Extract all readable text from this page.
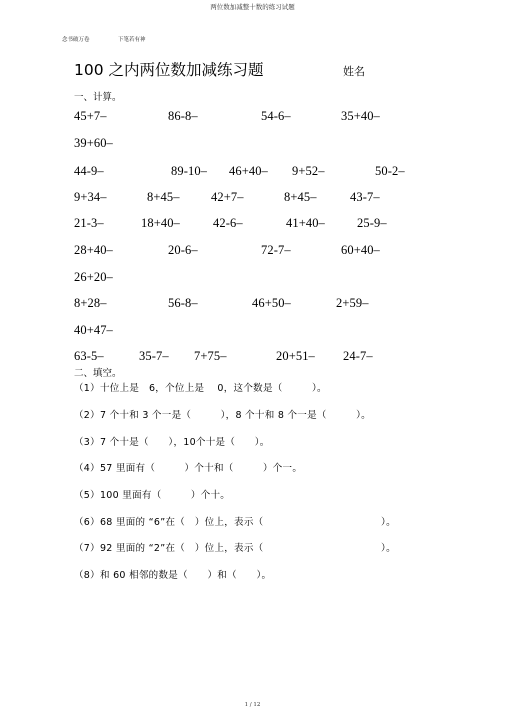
两位数加减整十数的练习试题
念书破万卷	下笔若有神
100 之内两位数加减练习题	姓名
一、计算。
45+7–	86-8–	54-6–	35+40–
39+60–
44-9–	89-10– 46+40– 9+52–	50-2–
9+34–	8+45–	42+7–	8+45–	43-7–
21-3–	18+40–	42-6–	41+40–	25-9–
28+40–	20-6–	72-7–	60+40–
26+20–
8+28–	56-8–	46+50–	2+59–
40+47–
63-5–	35-7– 7+75–	20+51– 24-7–
二、填空。
（1）十位上是　6，个位上是　 0，这个数是（　　　）。
（2）7 个十和 3 个一是（　　　），8 个十和 8 个一是（　　　）。
（3）7 个十是（　　），10个十是（　　）。
（4）57 里面有（　　　）个十和（　　　）个一。
（5）100 里面有（　　　）个十。
（6）68 里面的 “6”在（　）位上，表示（　　　　　　　　　　　　）。
（7）92 里面的 “2”在（　）位上，表示（　　　　　　　　　　　　）。
（8）和 60 相邻的数是（　　）和（　　）。
1 / 12
